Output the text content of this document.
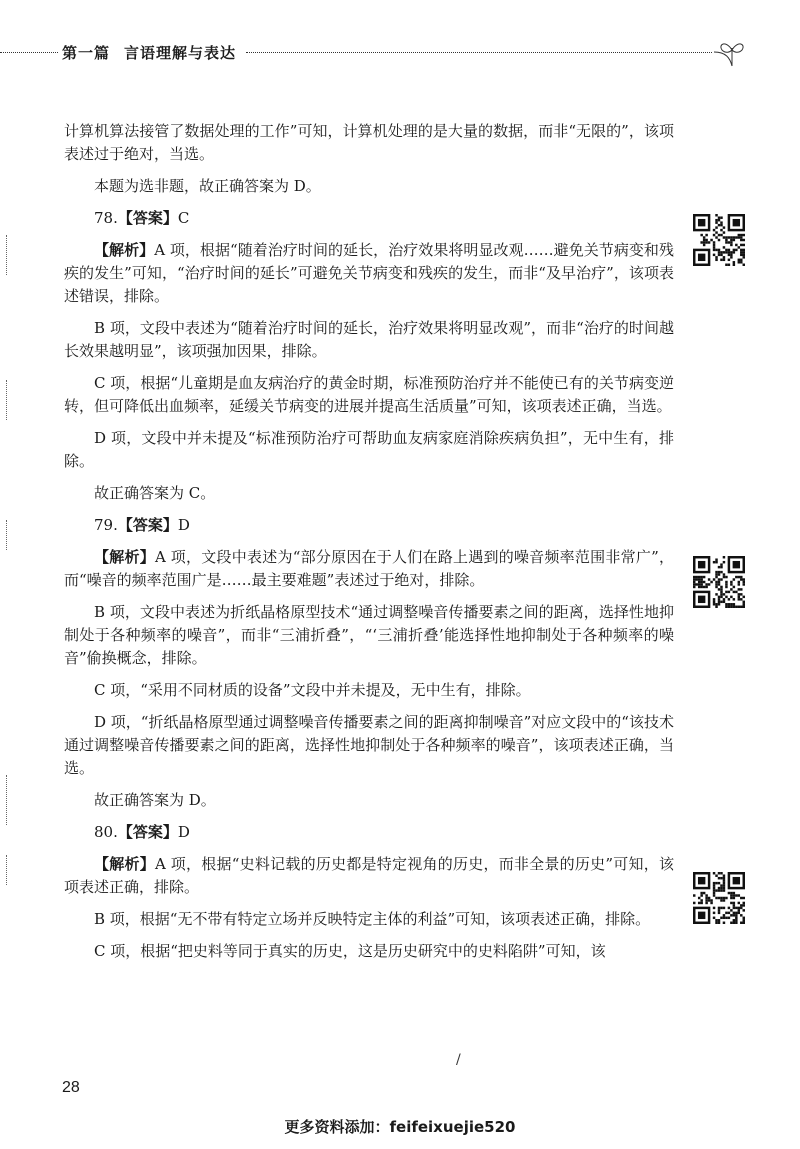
第一篇 言语理解与表达
计算机算法接管了数据处理的工作”可知，计算机处理的是大量的数据，而非“无限的”，该项表述过于绝对，当选。
本题为选非题，故正确答案为 D。
78.【答案】C
【解析】A 项，根据“随着治疗时间的延长，治疗效果将明显改观……避免关节病变和残疾的发生”可知，“治疗时间的延长”可避免关节病变和残疾的发生，而非“及早治疗”，该项表述错误，排除。
B 项，文段中表述为“随着治疗时间的延长，治疗效果将明显改观”，而非“治疗的时间越长效果越明显”，该项强加因果，排除。
C 项，根据“儿童期是血友病治疗的黄金时期，标准预防治疗并不能使已有的关节病变逆转，但可降低出血频率，延缓关节病变的进展并提高生活质量”可知，该项表述正确，当选。
D 项，文段中并未提及“标准预防治疗可帮助血友病家庭消除疾病负担”，无中生有，排除。
故正确答案为 C。
79.【答案】D
【解析】A 项，文段中表述为“部分原因在于人们在路上遇到的噪音频率范围非常广”，而“噪音的频率范围广是……最主要难题”表述过于绝对，排除。
B 项，文段中表述为折纸晶格原型技术“通过调整噪音传播要素之间的距离，选择性地抑制处于各种频率的噪音”，而非“三浦折叠”，“‘三浦折叠’能选择性地抑制处于各种频率的噪音”偷换概念，排除。
C 项，“采用不同材质的设备”文段中并未提及，无中生有，排除。
D 项，“折纸晶格原型通过调整噪音传播要素之间的距离抑制噪音”对应文段中的“该技术通过调整噪音传播要素之间的距离，选择性地抑制处于各种频率的噪音”，该项表述正确，当选。
故正确答案为 D。
80.【答案】D
【解析】A 项，根据“史料记载的历史都是特定视角的历史，而非全景的历史”可知，该项表述正确，排除。
B 项，根据“无不带有特定立场并反映特定主体的利益”可知，该项表述正确，排除。
C 项，根据“把史料等同于真实的历史，这是历史研究中的史料陷阱”可知，该
/
28
更多资料添加：feifeixuejie520
